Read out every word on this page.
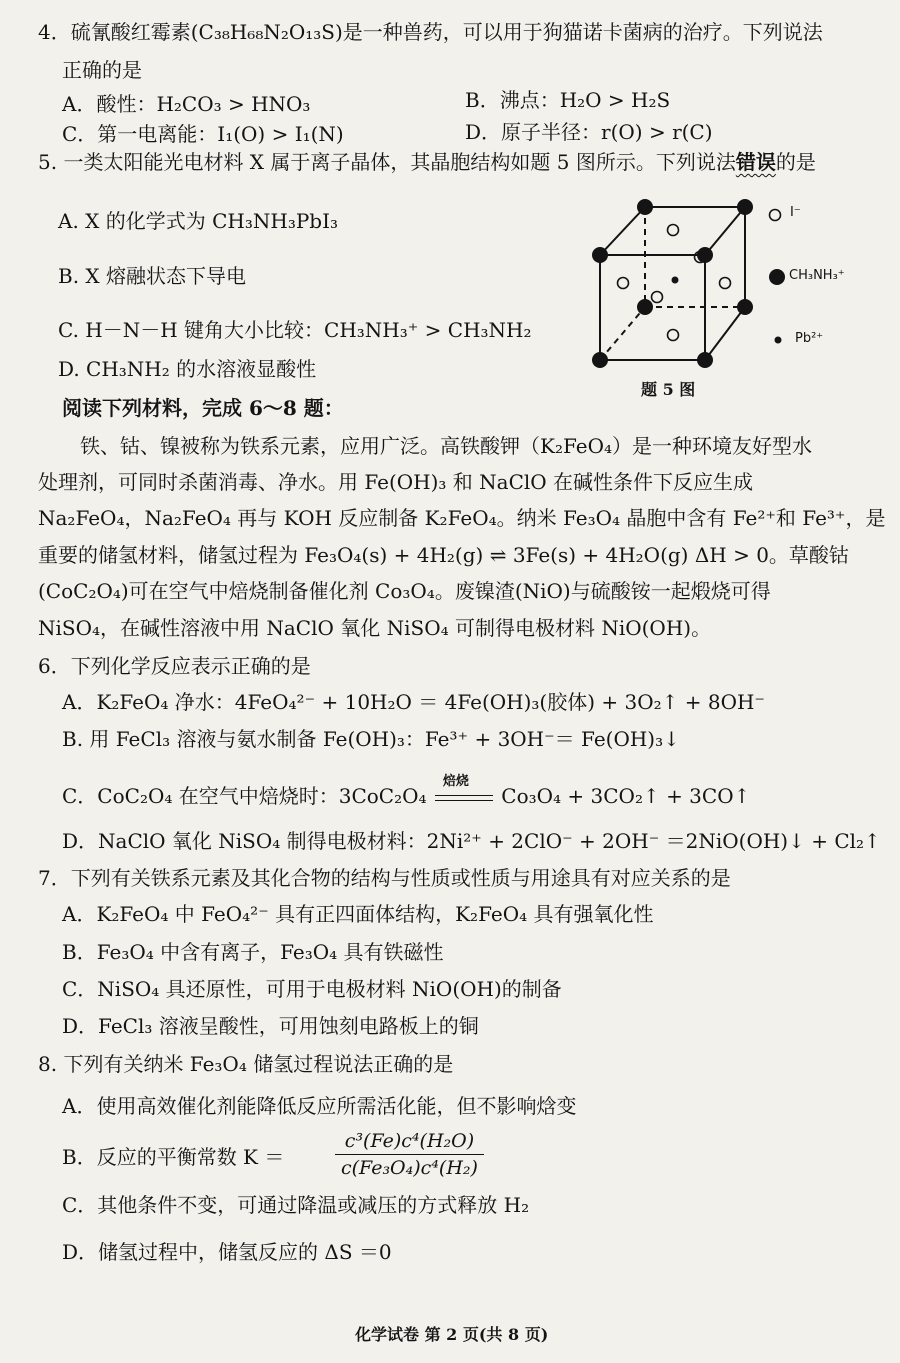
4．硫氰酸红霉素(C₃₈H₆₈N₂O₁₃S)是一种兽药，可以用于狗猫诺卡菌病的治疗。下列说法
正确的是
A．酸性：H₂CO₃ > HNO₃	B．沸点：H₂O > H₂S
C．第一电离能：I₁(O) > I₁(N)	D．原子半径：r(O) > r(C)
5. 一类太阳能光电材料 X 属于离子晶体，其晶胞结构如题 5 图所示。下列说法错误的是
A. X 的化学式为 CH₃NH₃PbI₃
B. X 熔融状态下导电
C. H－N－H 键角大小比较：CH₃NH₃⁺ > CH₃NH₂
D. CH₃NH₂ 的水溶液显酸性
I⁻
CH₃NH₃⁺
Pb²⁺
题 5 图
阅读下列材料，完成 6～8 题：
铁、钴、镍被称为铁系元素，应用广泛。高铁酸钾（K₂FeO₄）是一种环境友好型水
处理剂，可同时杀菌消毒、净水。用 Fe(OH)₃ 和 NaClO 在碱性条件下反应生成
Na₂FeO₄，Na₂FeO₄ 再与 KOH 反应制备 K₂FeO₄。纳米 Fe₃O₄ 晶胞中含有 Fe²⁺和 Fe³⁺，是
重要的储氢材料，储氢过程为 Fe₃O₄(s) + 4H₂(g) ⇌ 3Fe(s) + 4H₂O(g) ΔH > 0。草酸钴
(CoC₂O₄)可在空气中焙烧制备催化剂 Co₃O₄。废镍渣(NiO)与硫酸铵一起煅烧可得
NiSO₄，在碱性溶液中用 NaClO 氧化 NiSO₄ 可制得电极材料 NiO(OH)。
6．下列化学反应表示正确的是
A．K₂FeO₄ 净水：4FeO₄²⁻ + 10H₂O ＝ 4Fe(OH)₃(胶体) + 3O₂↑ + 8OH⁻
B. 用 FeCl₃ 溶液与氨水制备 Fe(OH)₃：Fe³⁺ + 3OH⁻＝ Fe(OH)₃↓
C．CoC₂O₄ 在空气中焙烧时：3CoC₂O₄
焙烧
Co₃O₄ + 3CO₂↑ + 3CO↑
D．NaClO 氧化 NiSO₄ 制得电极材料：2Ni²⁺ + 2ClO⁻ + 2OH⁻ ＝2NiO(OH)↓ + Cl₂↑
7．下列有关铁系元素及其化合物的结构与性质或性质与用途具有对应关系的是
A．K₂FeO₄ 中 FeO₄²⁻ 具有正四面体结构，K₂FeO₄ 具有强氧化性
B．Fe₃O₄ 中含有离子，Fe₃O₄ 具有铁磁性
C．NiSO₄ 具还原性，可用于电极材料 NiO(OH)的制备
D．FeCl₃ 溶液呈酸性，可用蚀刻电路板上的铜
8. 下列有关纳米 Fe₃O₄ 储氢过程说法正确的是
A．使用高效催化剂能降低反应所需活化能，但不影响焓变
B．反应的平衡常数 K ＝
c³(Fe)c⁴(H₂O)
c(Fe₃O₄)c⁴(H₂)
C．其他条件不变，可通过降温或减压的方式释放 H₂
D．储氢过程中，储氢反应的 ΔS ＝0
化学试卷 第 2 页(共 8 页)
